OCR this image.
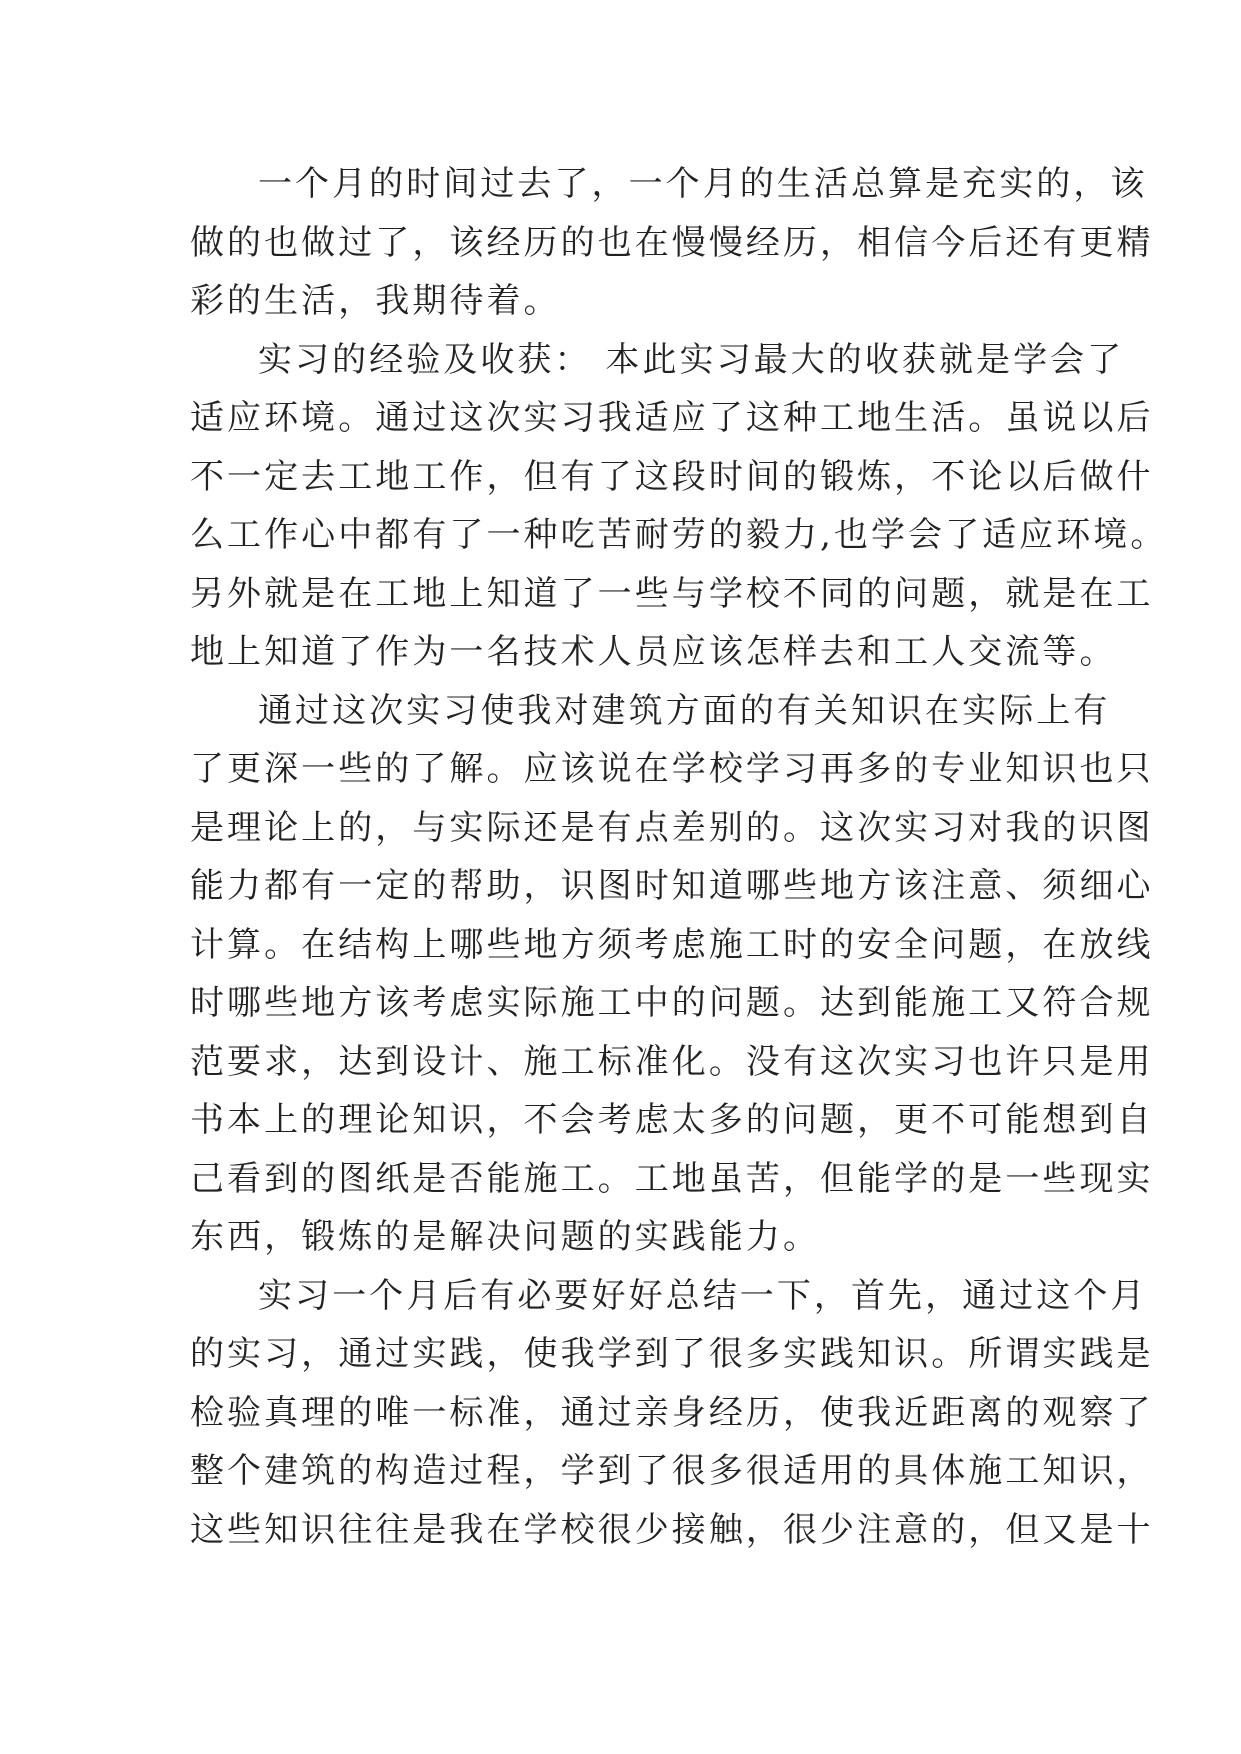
一个月的时间过去了，一个月的生活总算是充实的，该
做的也做过了，该经历的也在慢慢经历，相信今后还有更精
彩的生活，我期待着。
实习的经验及收获： 本此实习最大的收获就是学会了
适应环境。通过这次实习我适应了这种工地生活。虽说以后
不一定去工地工作，但有了这段时间的锻炼，不论以后做什
么工作心中都有了一种吃苦耐劳的毅力,也学会了适应环境。
另外就是在工地上知道了一些与学校不同的问题，就是在工
地上知道了作为一名技术人员应该怎样去和工人交流等。
通过这次实习使我对建筑方面的有关知识在实际上有
了更深一些的了解。应该说在学校学习再多的专业知识也只
是理论上的，与实际还是有点差别的。这次实习对我的识图
能力都有一定的帮助，识图时知道哪些地方该注意、须细心
计算。在结构上哪些地方须考虑施工时的安全问题，在放线
时哪些地方该考虑实际施工中的问题。达到能施工又符合规
范要求，达到设计、施工标准化。没有这次实习也许只是用
书本上的理论知识，不会考虑太多的问题，更不可能想到自
己看到的图纸是否能施工。工地虽苦，但能学的是一些现实
东西，锻炼的是解决问题的实践能力。
实习一个月后有必要好好总结一下，首先，通过这个月
的实习，通过实践，使我学到了很多实践知识。所谓实践是
检验真理的唯一标准，通过亲身经历，使我近距离的观察了
整个建筑的构造过程，学到了很多很适用的具体施工知识，
这些知识往往是我在学校很少接触，很少注意的，但又是十
